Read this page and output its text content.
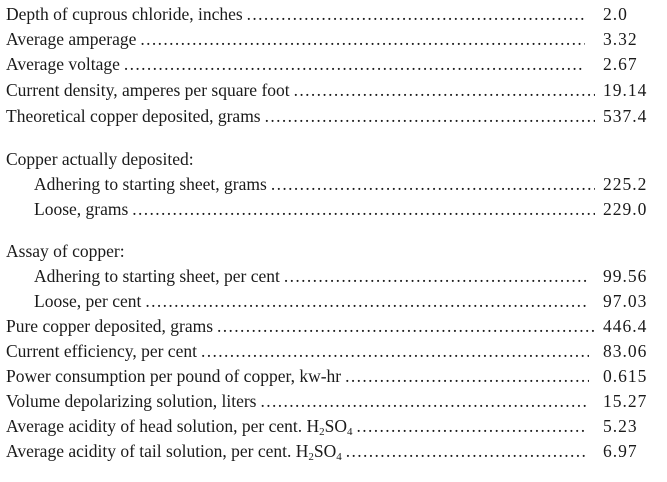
Depth of cuprous chloride, inches . . .	2.0
Average amperage . . .	3.32
Average voltage . . .	2.67
Current density, amperes per square foot . . .	19.14
Theoretical copper deposited, grams . . .	537.4
Copper actually deposited:
Adhering to starting sheet, grams . . .	225.2
Loose, grams . . .	229.0
Assay of copper:
Adhering to starting sheet, per cent . . .	99.56
Loose, per cent . . .	97.03
Pure copper deposited, grams . . .	446.4
Current efficiency, per cent . . .	83.06
Power consumption per pound of copper, kw-hr . . .	0.615
Volume depolarizing solution, liters . . .	15.27
Average acidity of head solution, per cent. $H_2SO_4$ . . .	5.23
Average acidity of tail solution, per cent. $H_2SO_4$ . . .	6.97
